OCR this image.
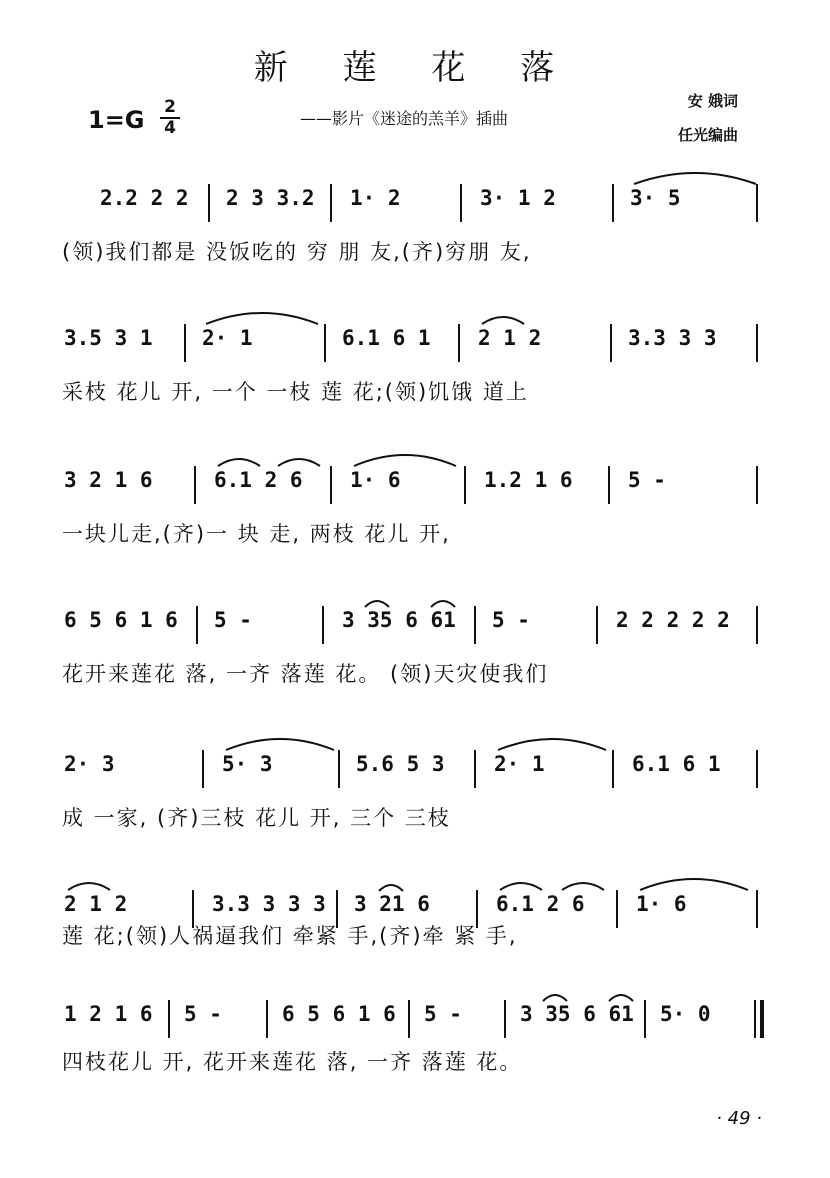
新 莲 花 落
$1=G \frac{2}{4}$	——影片《迷途的羔羊》插曲
安 娥词
任光编曲
2.2 2 2 2 3 3.2 1· 2	3· 1 2	3· 5
(领)我们都是 没饭吃的 穷 朋 友,(齐)穷朋 友,
3.5 3 1 2· 1	6.1 6 1 2 1 2	3.3 3 3
采枝 花儿 开, 一个 一枝 莲 花;(领)饥饿 道上
3 2 1 6	6.1 2 6 1· 6	1.2 1 6	5 -
一块儿走,(齐)一 块 走, 两枝 花儿 开,
6 5 6 1 6 5 -	3 35 6 61 5 -	2 2 2 2 2
花开来莲花 落, 一齐 落莲 花。 (领)天灾使我们
2· 3	5· 3	5.6 5 3 2· 1	6.1 6 1
成 一家, (齐)三枝 花儿 开, 三个 三枝
2 1 2	3.3 3 3 3 3 21 6	6.1 2 6 1· 6
莲 花;(领)人祸逼我们 牵紧 手,(齐)牵 紧 手,
1 2 1 6 5 -	6 5 6 1 6 5 -	3 35 6 61 5· 0
四枝花儿 开, 花开来莲花 落, 一齐 落莲 花。
· 49 ·
